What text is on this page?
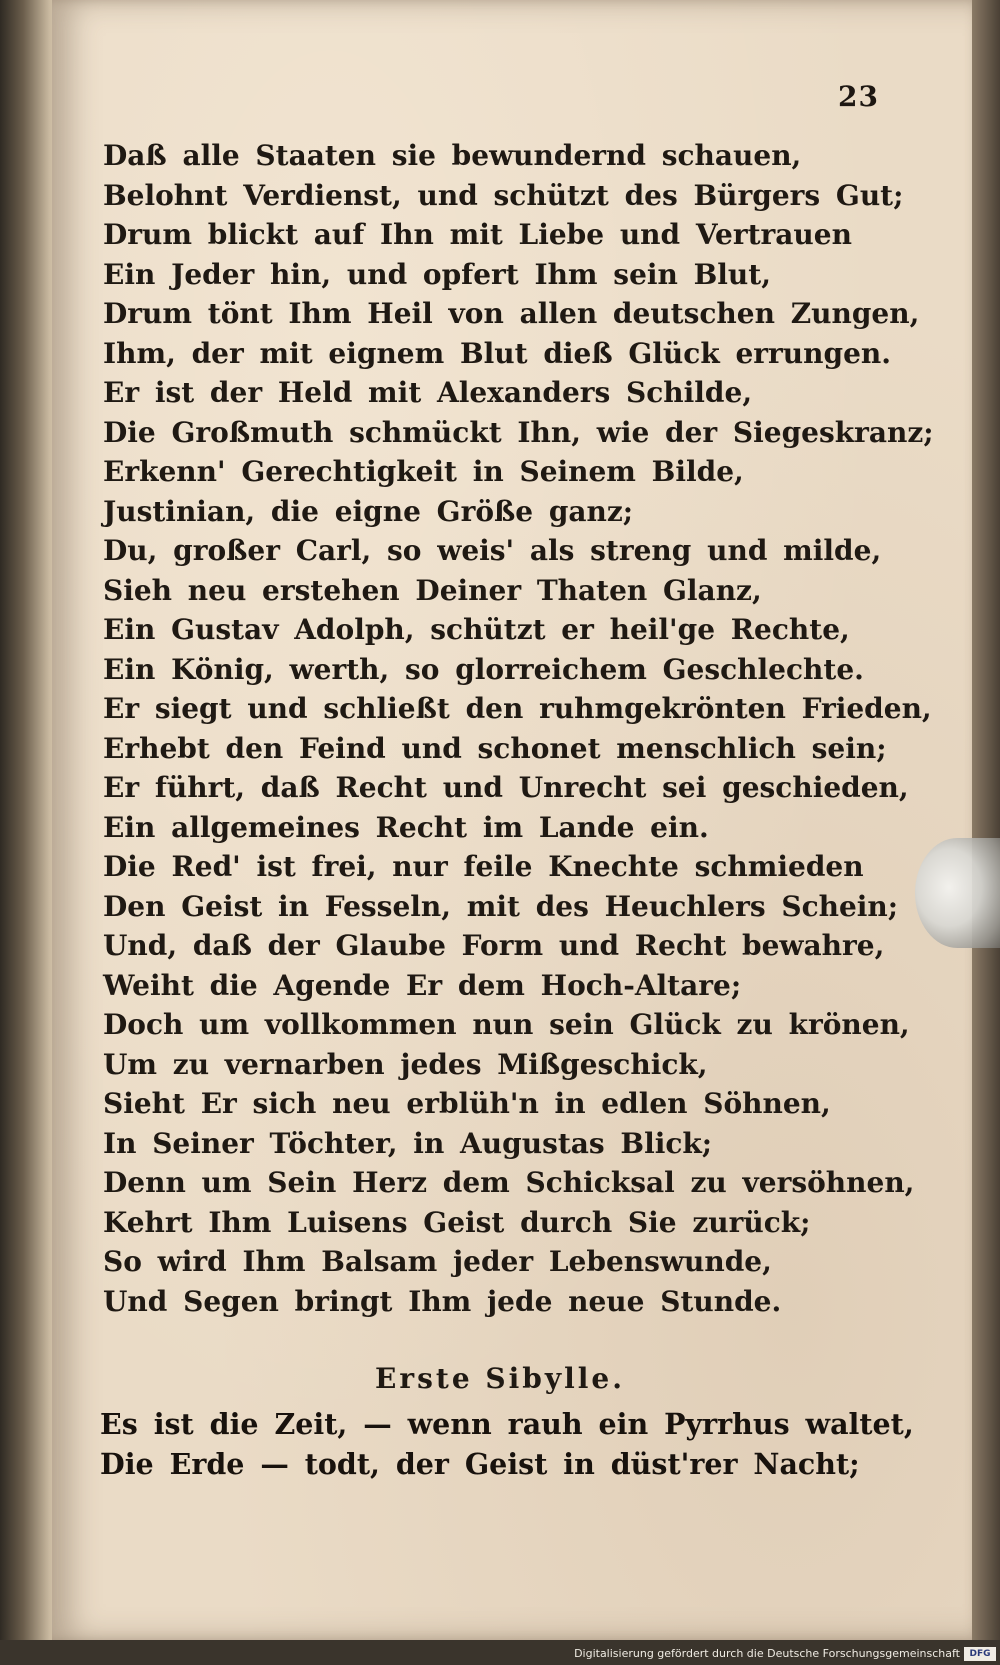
23
Daß alle Staaten sie bewundernd schauen,
Belohnt Verdienst, und schützt des Bürgers Gut;
Drum blickt auf Ihn mit Liebe und Vertrauen
Ein Jeder hin, und opfert Ihm sein Blut,
Drum tönt Ihm Heil von allen deutschen Zungen,
Ihm, der mit eignem Blut dieß Glück errungen.
Er ist der Held mit Alexanders Schilde,
Die Großmuth schmückt Ihn, wie der Siegeskranz;
Erkenn' Gerechtigkeit in Seinem Bilde,
Justinian, die eigne Größe ganz;
Du, großer Carl, so weis' als streng und milde,
Sieh neu erstehen Deiner Thaten Glanz,
Ein Gustav Adolph, schützt er heil'ge Rechte,
Ein König, werth, so glorreichem Geschlechte.
Er siegt und schließt den ruhmgekrönten Frieden,
Erhebt den Feind und schonet menschlich sein;
Er führt, daß Recht und Unrecht sei geschieden,
Ein allgemeines Recht im Lande ein.
Die Red' ist frei, nur feile Knechte schmieden
Den Geist in Fesseln, mit des Heuchlers Schein;
Und, daß der Glaube Form und Recht bewahre,
Weiht die Agende Er dem Hoch-Altare;
Doch um vollkommen nun sein Glück zu krönen,
Um zu vernarben jedes Mißgeschick,
Sieht Er sich neu erblüh'n in edlen Söhnen,
In Seiner Töchter, in Augustas Blick;
Denn um Sein Herz dem Schicksal zu versöhnen,
Kehrt Ihm Luisens Geist durch Sie zurück;
So wird Ihm Balsam jeder Lebenswunde,
Und Segen bringt Ihm jede neue Stunde.
Erste Sibylle.
Es ist die Zeit, — wenn rauh ein Pyrrhus waltet,
Die Erde — todt, der Geist in düst'rer Nacht;
Digitalisierung gefördert durch die Deutsche Forschungsgemeinschaft	DFG
